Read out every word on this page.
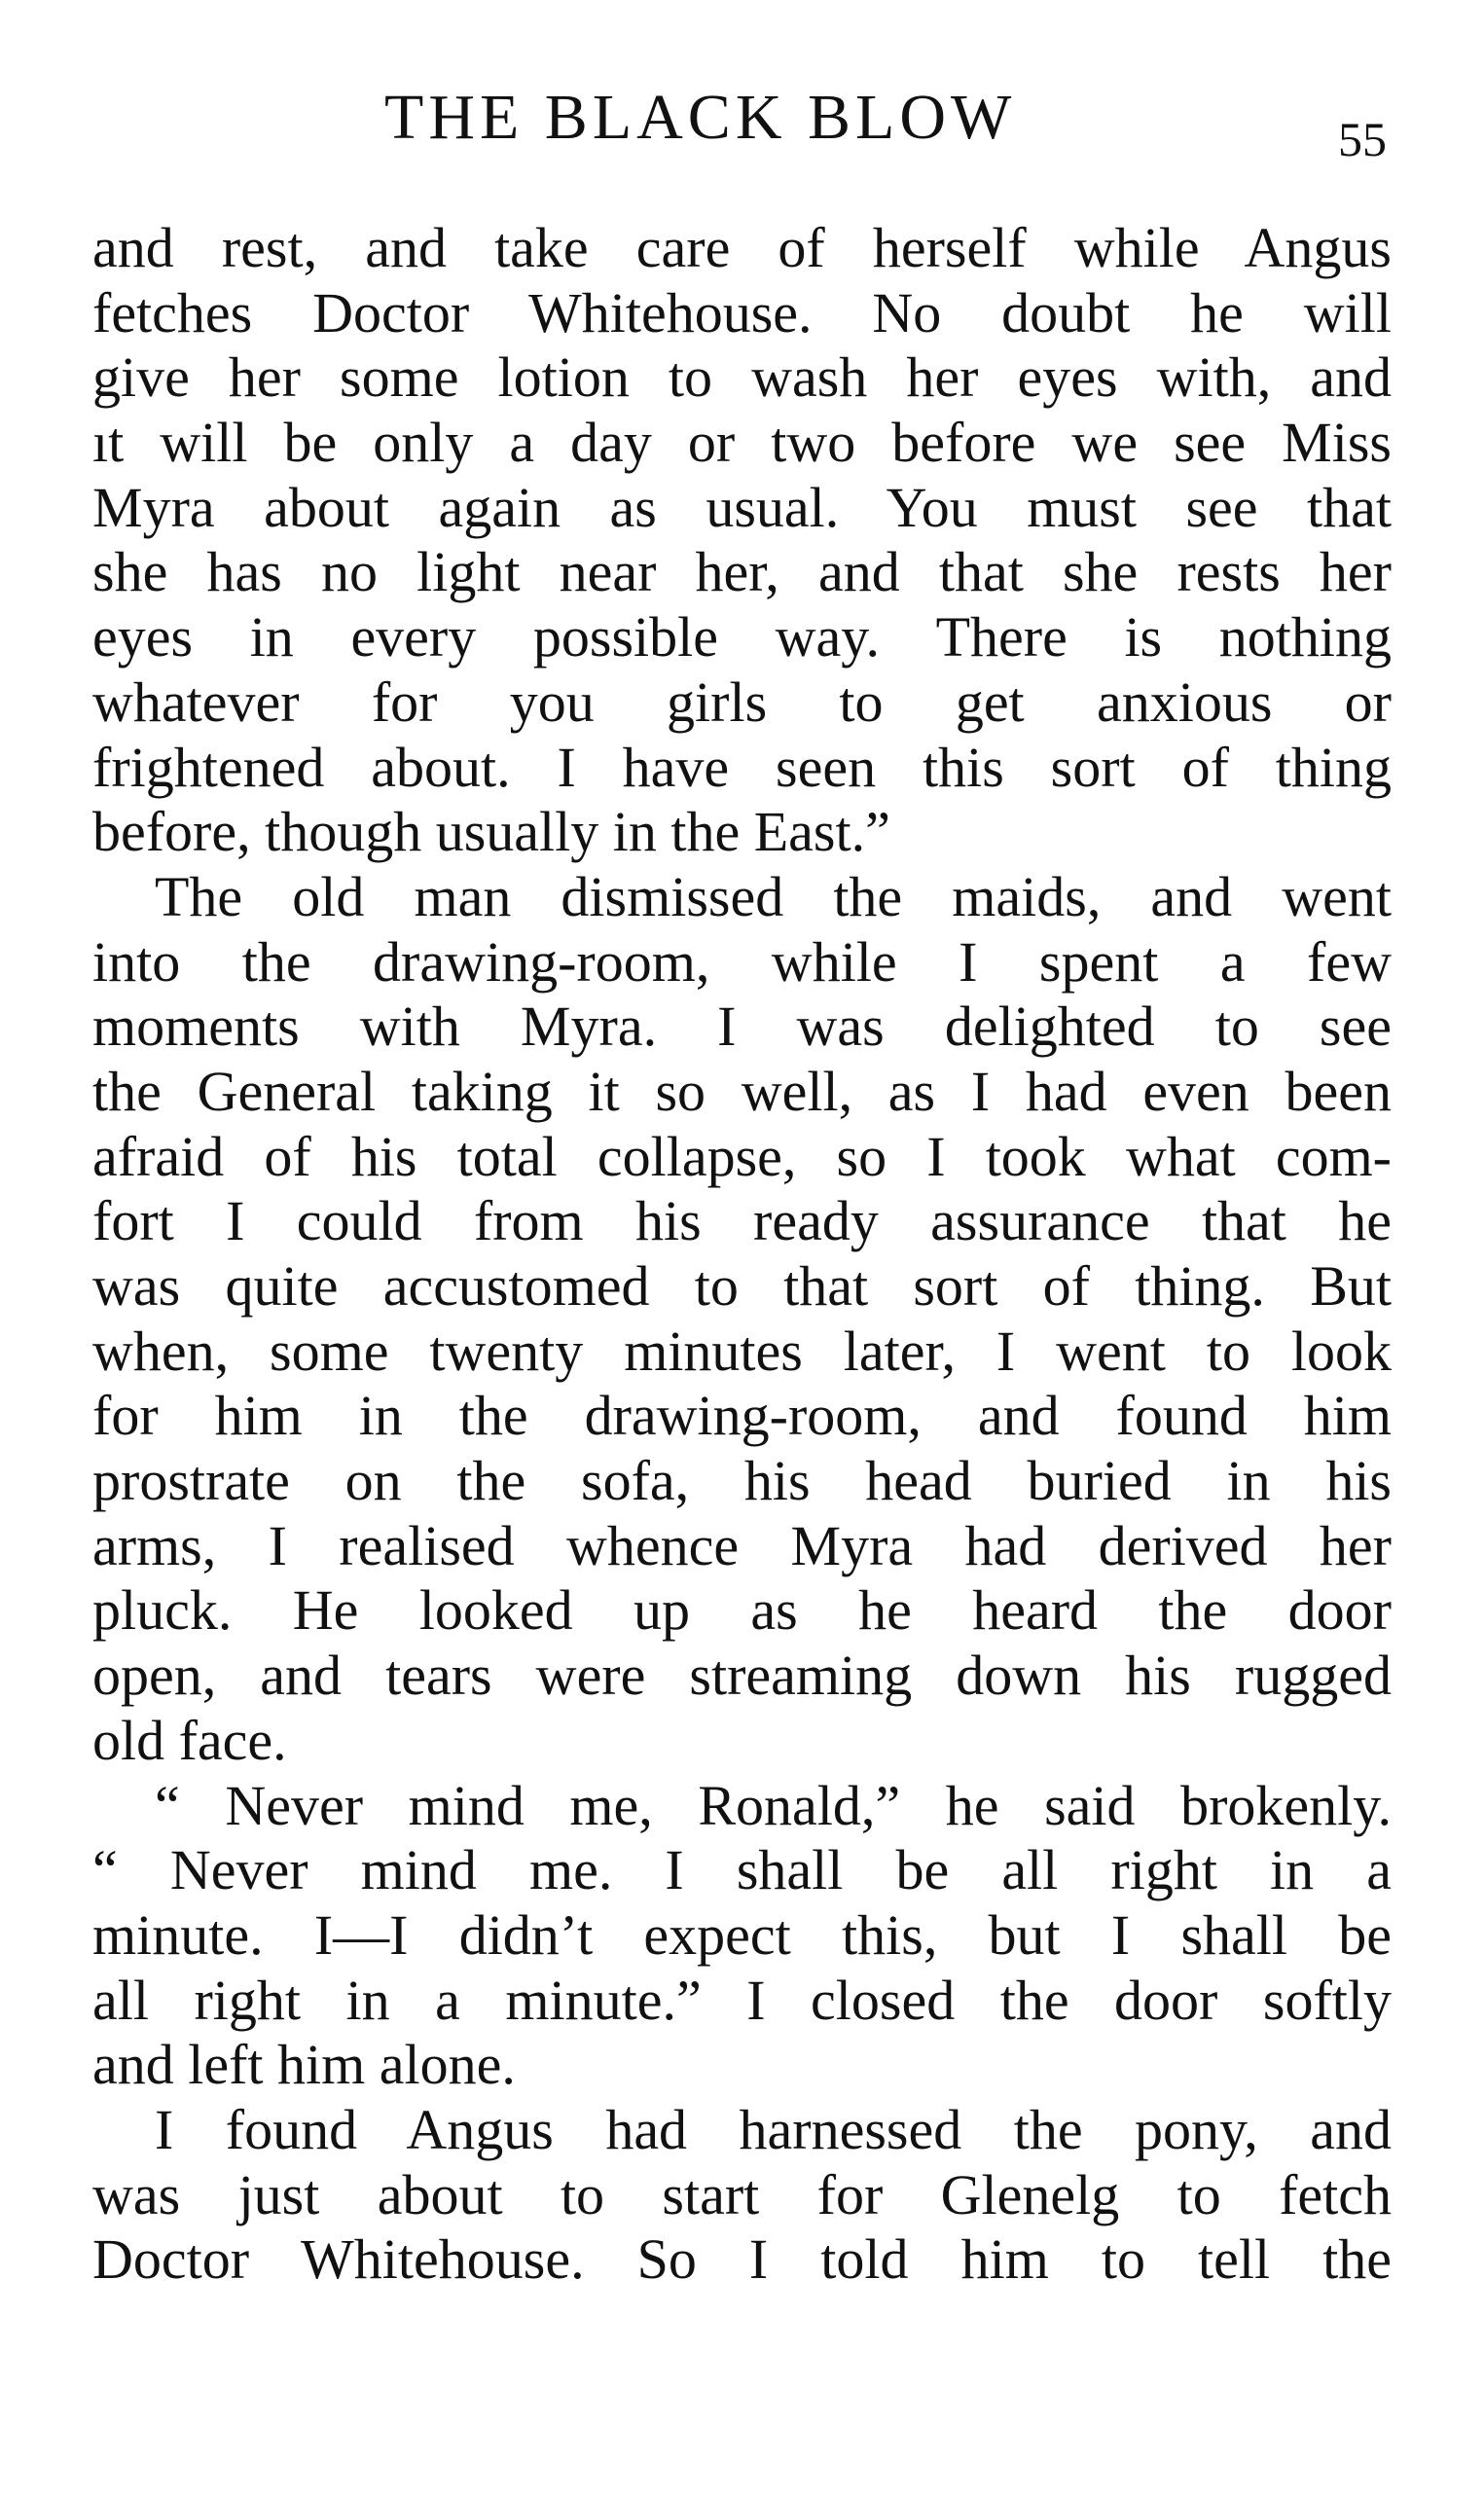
THE BLACK BLOW	55
and rest, and take care of herself while Angus
fetches Doctor Whitehouse. No doubt he will
give her some lotion to wash her eyes with, and
ıt will be only a day or two before we see Miss
Myra about again as usual. You must see that
she has no light near her, and that she rests her
eyes in every possible way. There is nothing
whatever for you girls to get anxious or
frightened about. I have seen this sort of thing
before, though usually in the East.”
The old man dismissed the maids, and went
into the drawing-room, while I spent a few
moments with Myra. I was delighted to see
the General taking it so well, as I had even been
afraid of his total collapse, so I took what com-
fort I could from his ready assurance that he
was quite accustomed to that sort of thing. But
when, some twenty minutes later, I went to look
for him in the drawing-room, and found him
prostrate on the sofa, his head buried in his
arms, I realised whence Myra had derived her
pluck. He looked up as he heard the door
open, and tears were streaming down his rugged
old face.
“ Never mind me, Ronald,” he said brokenly.
“ Never mind me. I shall be all right in a
minute. I—I didn’t expect this, but I shall be
all right in a minute.” I closed the door softly
and left him alone.
I found Angus had harnessed the pony, and
was just about to start for Glenelg to fetch
Doctor Whitehouse. So I told him to tell the
